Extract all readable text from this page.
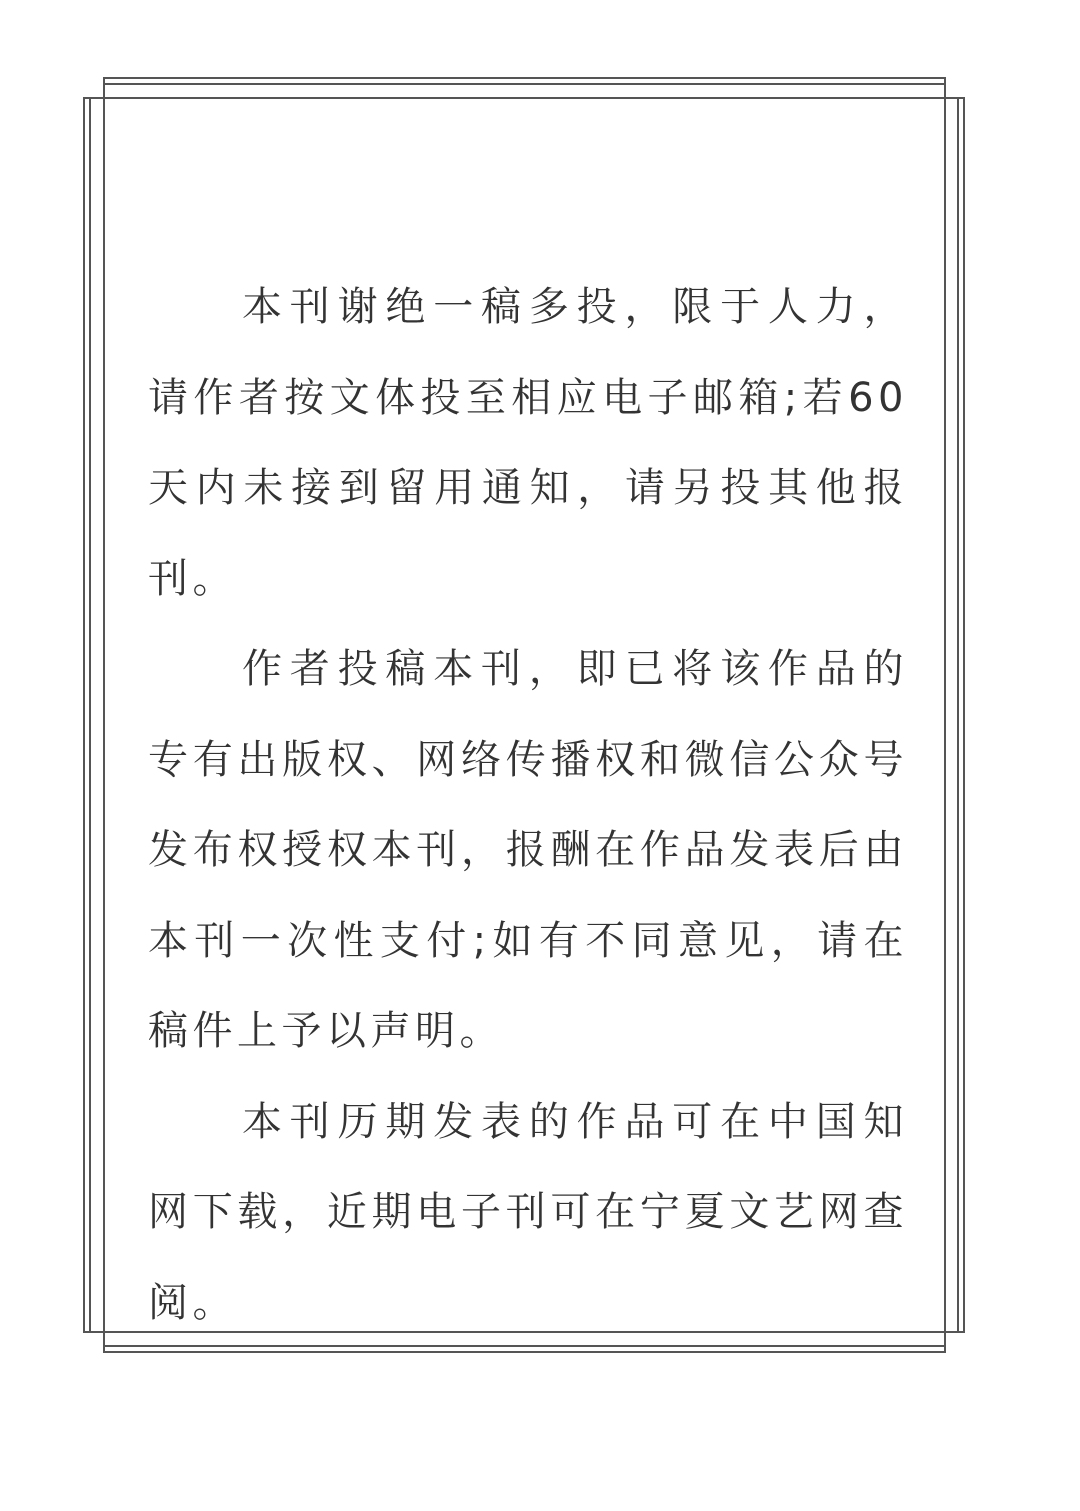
本刊谢绝一稿多投，限于人力，请作者按文体投至相应电子邮箱;若60天内未接到留用通知，请另投其他报刊。

作者投稿本刊，即已将该作品的专有出版权、网络传播权和微信公众号发布权授权本刊，报酬在作品发表后由本刊一次性支付;如有不同意见，请在稿件上予以声明。

本刊历期发表的作品可在中国知网下载，近期电子刊可在宁夏文艺网查阅。
